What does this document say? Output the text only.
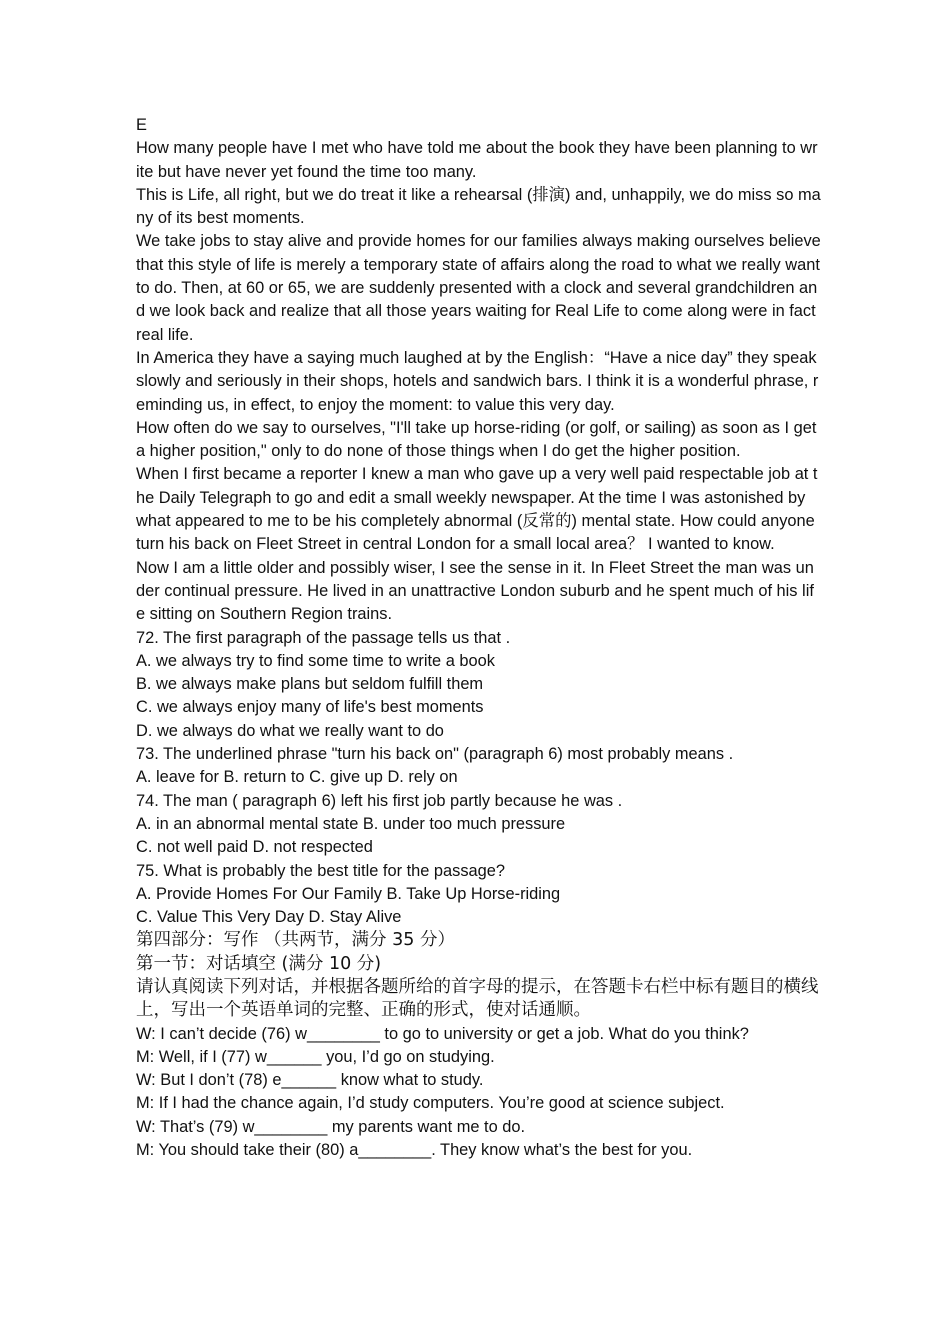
E
How many people have I met who have told me about the book they have been planning to write but have never yet found the time too many.
This is Life, all right, but we do treat it like a rehearsal (排演) and, unhappily, we do miss so many of its best moments.
We take jobs to stay alive and provide homes for our families always making ourselves believe that this style of life is merely a temporary state of affairs along the road to what we really want to do. Then, at 60 or 65, we are suddenly presented with a clock and several grandchildren and we look back and realize that all those years waiting for Real Life to come along were in fact real life.
In America they have a saying much laughed at by the English：“Have a nice day” they speak slowly and seriously in their shops, hotels and sandwich bars. I think it is a wonderful phrase, reminding us, in effect, to enjoy the moment: to value this very day.
How often do we say to ourselves, "I'll take up horse-riding (or golf, or sailing) as soon as I get a higher position," only to do none of those things when I do get the higher position.
When I first became a reporter I knew a man who gave up a very well paid respectable job at the Daily Telegraph to go and edit a small weekly newspaper. At the time I was astonished by what appeared to me to be his completely abnormal (反常的) mental state. How could anyone turn his back on Fleet Street in central London for a small local area？ I wanted to know.
Now I am a little older and possibly wiser, I see the sense in it. In Fleet Street the man was under continual pressure. He lived in an unattractive London suburb and he spent much of his life sitting on Southern Region trains.
72. The first paragraph of the passage tells us that .
A. we always try to find some time to write a book
B. we always make plans but seldom fulfill them
C. we always enjoy many of life's best moments
D. we always do what we really want to do
73. The underlined phrase "turn his back on" (paragraph 6) most probably means .
A. leave for B. return to C. give up D. rely on
74. The man ( paragraph 6) left his first job partly because he was .
A. in an abnormal mental state B. under too much pressure
C. not well paid D. not respected
75. What is probably the best title for the passage?
A. Provide Homes For Our Family B. Take Up Horse-riding
C. Value This Very Day D. Stay Alive
第四部分：写作 （共两节，满分 35 分）
第一节：对话填空 (满分 10 分)
请认真阅读下列对话，并根据各题所给的首字母的提示，在答题卡右栏中标有题目的横线上，写出一个英语单词的完整、正确的形式，使对话通顺。
W: I can’t decide (76) w________ to go to university or get a job. What do you think?
M: Well, if I (77) w______ you, I’d go on studying.
W: But I don’t (78) e______ know what to study.
M: If I had the chance again, I’d study computers. You’re good at science subject.
W: That’s (79) w________ my parents want me to do.
M: You should take their (80) a________. They know what’s the best for you.
